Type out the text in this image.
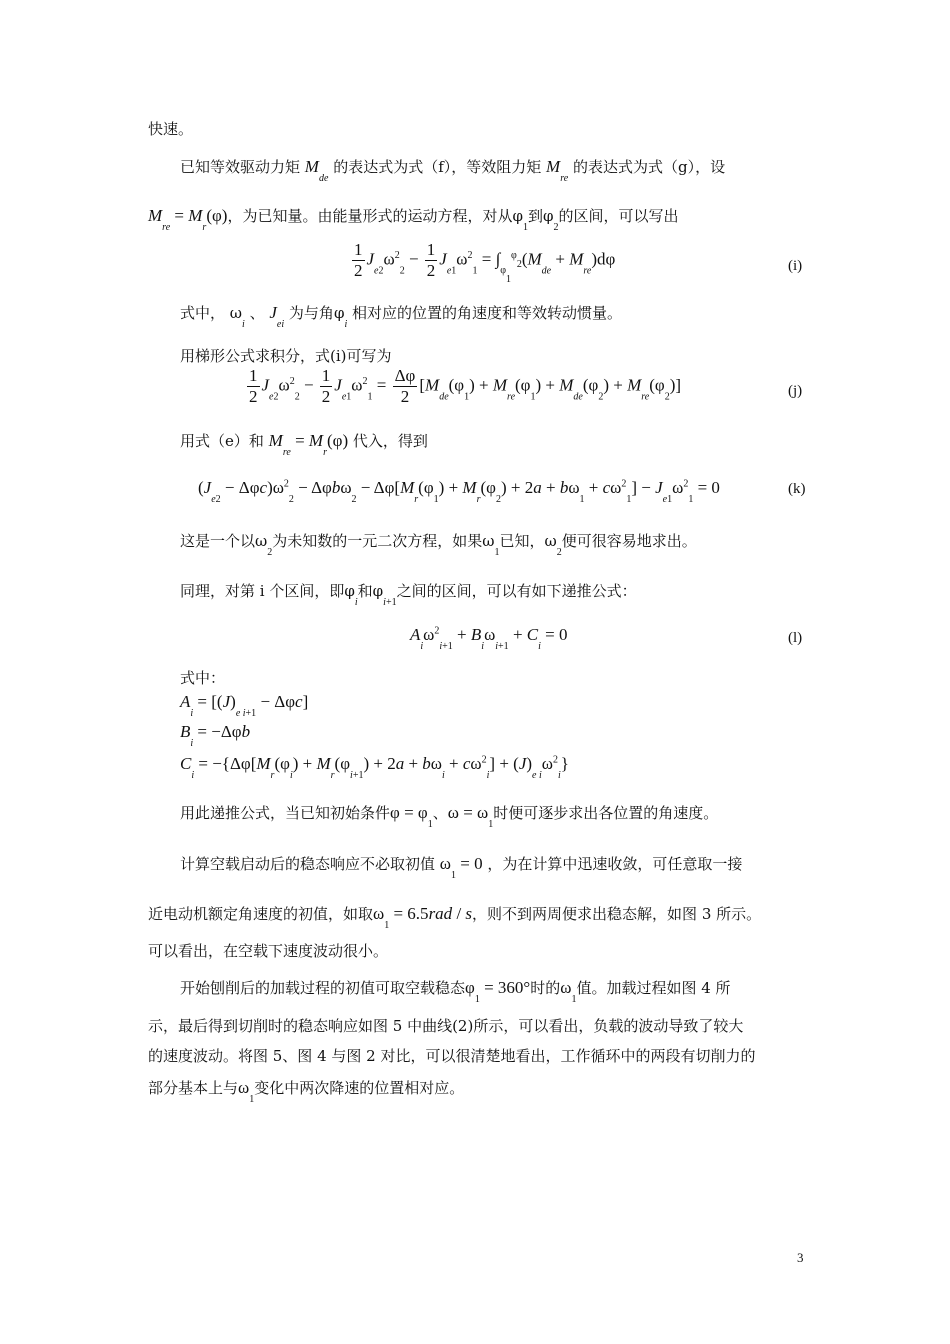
快速。
已知等效驱动力矩 $M_{de}$ 的表达式为式（f），等效阻力矩 $M_{re}$ 的表达式为式（g），设
$M_{re} = M_r(\varphi)$，为已知量。由能量形式的运动方程，对从$\varphi_1$到$\varphi_2$的区间，可以写出
$\frac{1}{2} J_{e2}\omega^2_2 - \frac{1}{2} J_{e1}\omega^2_1 = \int_{\varphi_1}^{\varphi_2}(M_{de} + M_{re})d\varphi$	(i)
式中， $\omega_i$ 、 $J_{ei}$ 为与角$\varphi_i$ 相对应的位置的角速度和等效转动惯量。
用梯形公式求积分，式(i)可写为
$\frac{1}{2} J_{e2}\omega^2_2 - \frac{1}{2} J_{e1}\omega^2_1 = \frac{\Delta\varphi}{2} [M_{de}(\varphi_1) + M_{re}(\varphi_1) + M_{de}(\varphi_2) + M_{re}(\varphi_2)]$	(j)
用式（e）和 $M_{re} = M_r(\varphi)$ 代入，得到
$(J_{e2} - \Delta\varphi c)\omega^2_2 - \Delta\varphi b\omega_2 - \Delta\varphi[M_r(\varphi_1) + M_r(\varphi_2) + 2a + b\omega_1 + c\omega^2_1] - J_{e1}\omega^2_1 = 0$	(k)
这是一个以$\omega_2$为未知数的一元二次方程，如果$\omega_1$已知，$\omega_2$便可很容易地求出。
同理，对第 i 个区间，即$\varphi_i$和$\varphi_{i+1}$之间的区间，可以有如下递推公式：
$A_i\omega^2_{i+1} + B_i\omega_{i+1} + C_i = 0$	(l)
式中：
$A_i = [(J)_{e i+1} - \Delta\varphi c]$
$B_i = -\Delta\varphi b$
$C_i = -\{\Delta\varphi[M_r(\varphi_i) + M_r(\varphi_{i+1}) + 2a + b\omega_i + c\omega^2_i] + (J)_{e i}\omega^2_i\}$
用此递推公式，当已知初始条件$\varphi = \varphi_1$、$\omega = \omega_1$时便可逐步求出各位置的角速度。
计算空载启动后的稳态响应不必取初值 $\omega_1 = 0$ ，为在计算中迅速收敛，可任意取一接
近电动机额定角速度的初值，如取$\omega_1 = 6.5rad / s$，则不到两周便求出稳态解，如图 3 所示。
可以看出，在空载下速度波动很小。
开始刨削后的加载过程的初值可取空载稳态$\varphi_1 = 360^\circ$时的$\omega_1$值。加载过程如图 4 所
示，最后得到切削时的稳态响应如图 5 中曲线(2)所示，可以看出，负载的波动导致了较大
的速度波动。将图 5、图 4 与图 2 对比，可以很清楚地看出，工作循环中的两段有切削力的
部分基本上与$\omega_1$变化中两次降速的位置相对应。
3
